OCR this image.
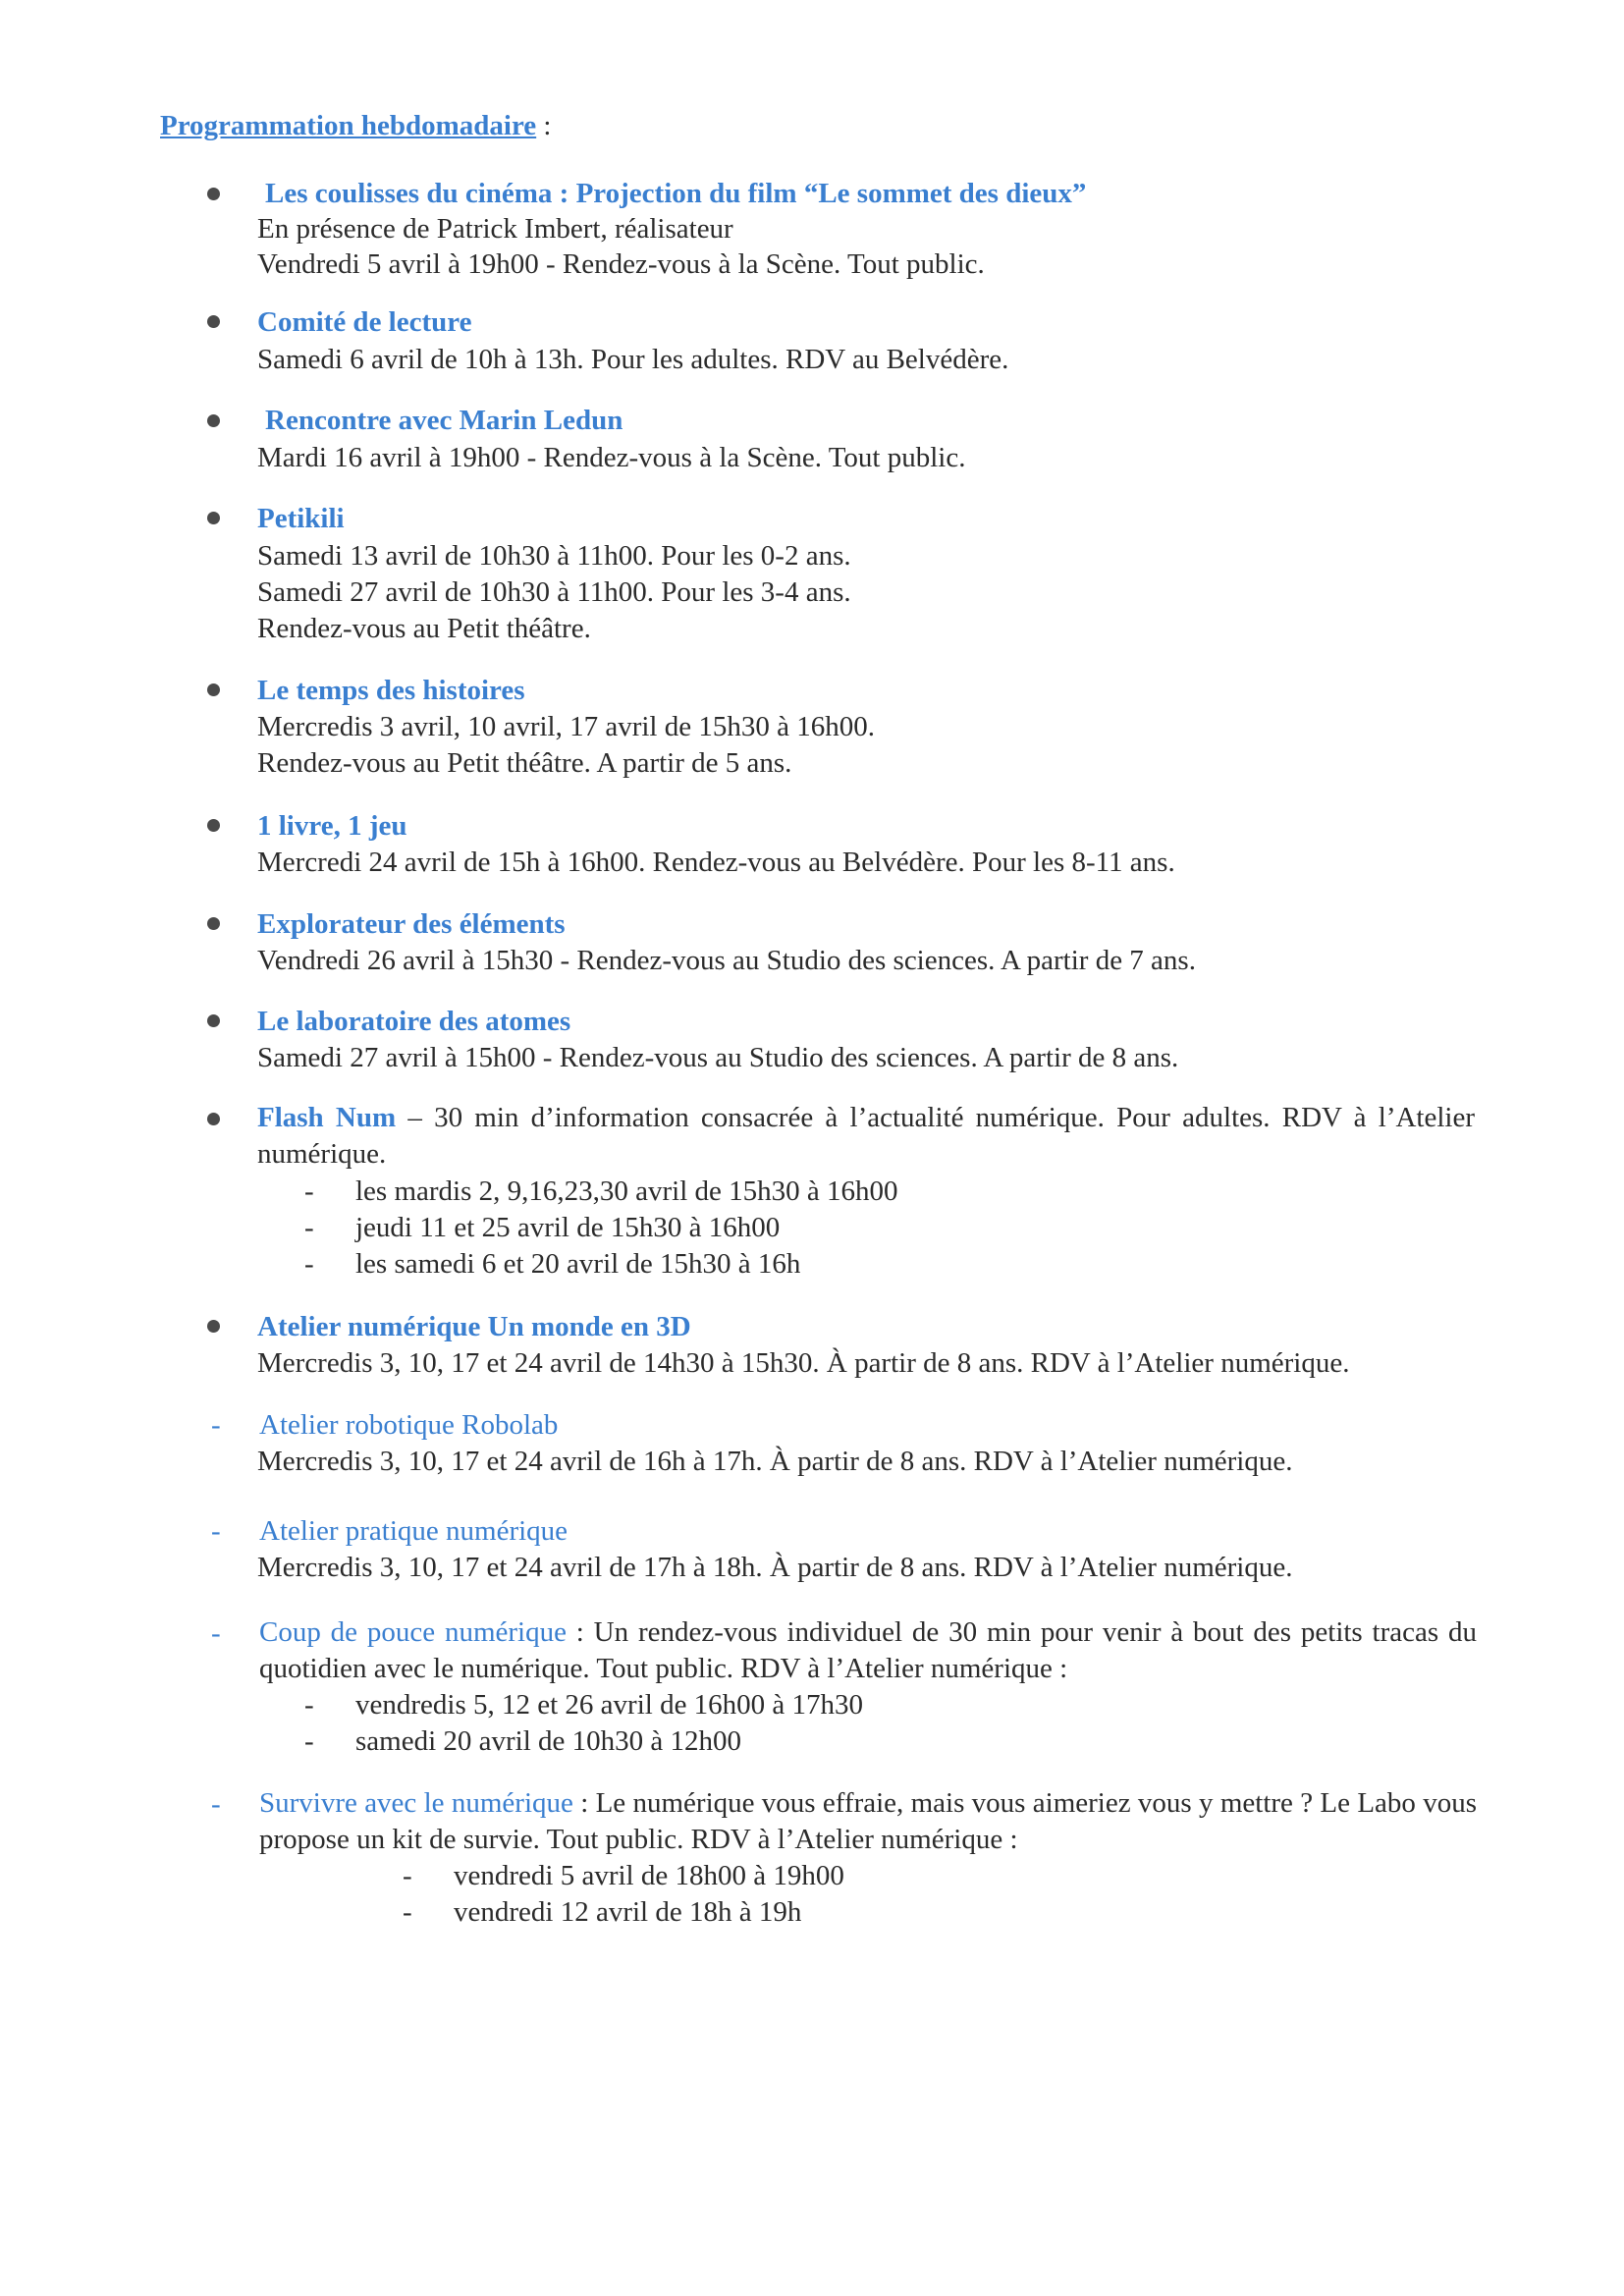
Programmation hebdomadaire :
Les coulisses du cinéma : Projection du film “Le sommet des dieux”
En présence de Patrick Imbert, réalisateur
Vendredi 5 avril à 19h00 - Rendez-vous à la Scène. Tout public.
Comité de lecture
Samedi 6 avril de 10h à 13h. Pour les adultes. RDV au Belvédère.
Rencontre avec Marin Ledun
Mardi 16 avril à 19h00 - Rendez-vous à la Scène. Tout public.
Petikili
Samedi 13 avril de 10h30 à 11h00. Pour les 0-2 ans.
Samedi 27 avril de 10h30 à 11h00. Pour les 3-4 ans.
Rendez-vous au Petit théâtre.
Le temps des histoires
Mercredis 3 avril, 10 avril, 17 avril de 15h30 à 16h00.
Rendez-vous au Petit théâtre. A partir de 5 ans.
1 livre, 1 jeu
Mercredi 24 avril de 15h à 16h00. Rendez-vous au Belvédère. Pour les 8-11 ans.
Explorateur des éléments
Vendredi 26 avril à 15h30 - Rendez-vous au Studio des sciences. A partir de 7 ans.
Le laboratoire des atomes
Samedi 27 avril à 15h00 - Rendez-vous au Studio des sciences. A partir de 8 ans.
Flash Num – 30 min d’information consacrée à l’actualité numérique. Pour adultes. RDV à l’Atelier numérique.
- les mardis 2, 9,16,23,30 avril de 15h30 à 16h00
- jeudi 11 et 25 avril de 15h30 à 16h00
- les samedi 6 et 20 avril de 15h30 à 16h
Atelier numérique Un monde en 3D
Mercredis 3, 10, 17 et 24 avril de 14h30 à 15h30. À partir de 8 ans. RDV à l’Atelier numérique.
- Atelier robotique Robolab
Mercredis 3, 10, 17 et 24 avril de 16h à 17h. À partir de 8 ans. RDV à l’Atelier numérique.
- Atelier pratique numérique
Mercredis 3, 10, 17 et 24 avril de 17h à 18h. À partir de 8 ans. RDV à l’Atelier numérique.
- Coup de pouce numérique : Un rendez-vous individuel de 30 min pour venir à bout des petits tracas du quotidien avec le numérique. Tout public. RDV à l’Atelier numérique :
- vendredis 5, 12 et 26 avril de 16h00 à 17h30
- samedi 20 avril de 10h30 à 12h00
- Survivre avec le numérique : Le numérique vous effraie, mais vous aimeriez vous y mettre ? Le Labo vous propose un kit de survie. Tout public. RDV à l’Atelier numérique :
- vendredi 5 avril de 18h00 à 19h00
- vendredi 12 avril de 18h à 19h
